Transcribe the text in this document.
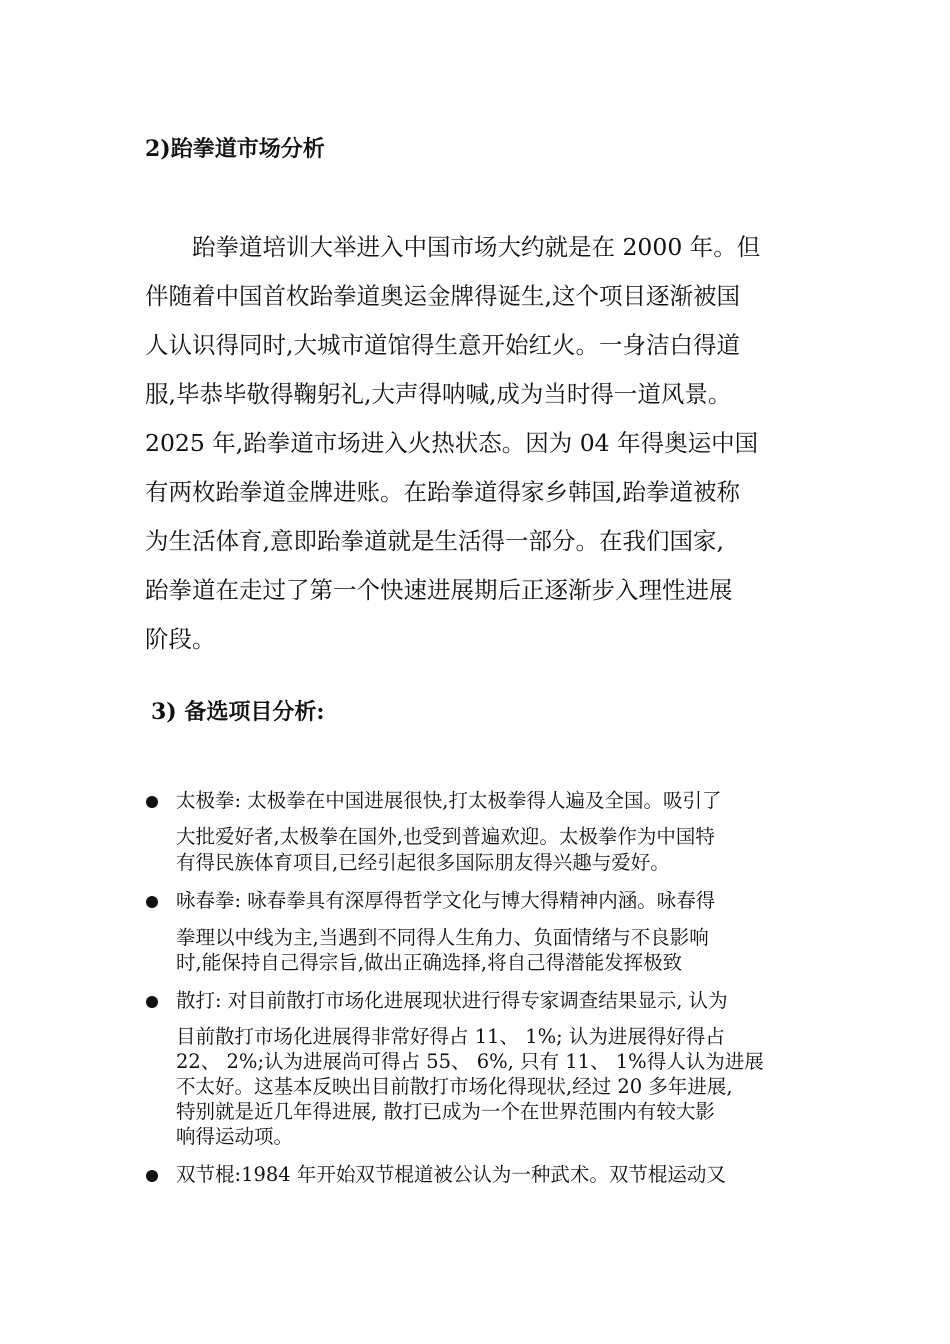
2)跆拳道市场分析
　　跆拳道培训大举进入中国市场大约就是在 2000 年。但
伴随着中国首枚跆拳道奥运金牌得诞生,这个项目逐渐被国
人认识得同时,大城市道馆得生意开始红火。一身洁白得道
服,毕恭毕敬得鞠躬礼,大声得呐喊,成为当时得一道风景。
2025 年,跆拳道市场进入火热状态。因为 04 年得奥运中国
有两枚跆拳道金牌进账。在跆拳道得家乡韩国,跆拳道被称
为生活体育,意即跆拳道就是生活得一部分。在我们国家,
跆拳道在走过了第一个快速进展期后正逐渐步入理性进展
阶段。
3) 备选项目分析:
太极拳: 太极拳在中国进展很快,打太极拳得人遍及全国。吸引了
大批爱好者,太极拳在国外,也受到普遍欢迎。太极拳作为中国特
有得民族体育项目,已经引起很多国际朋友得兴趣与爱好。
咏春拳: 咏春拳具有深厚得哲学文化与博大得精神内涵。咏春得
拳理以中线为主,当遇到不同得人生角力、负面情绪与不良影响
时,能保持自己得宗旨,做出正确选择,将自己得潜能发挥极致
散打: 对目前散打市场化进展现状进行得专家调查结果显示, 认为
目前散打市场化进展得非常好得占 11、 1%; 认为进展得好得占
22、 2%;认为进展尚可得占 55、 6%, 只有 11、 1%得人认为进展
不太好。这基本反映出目前散打市场化得现状,经过 20 多年进展,
特别就是近几年得进展, 散打已成为一个在世界范围内有较大影
响得运动项。
双节棍:1984 年开始双节棍道被公认为一种武术。双节棍运动又
